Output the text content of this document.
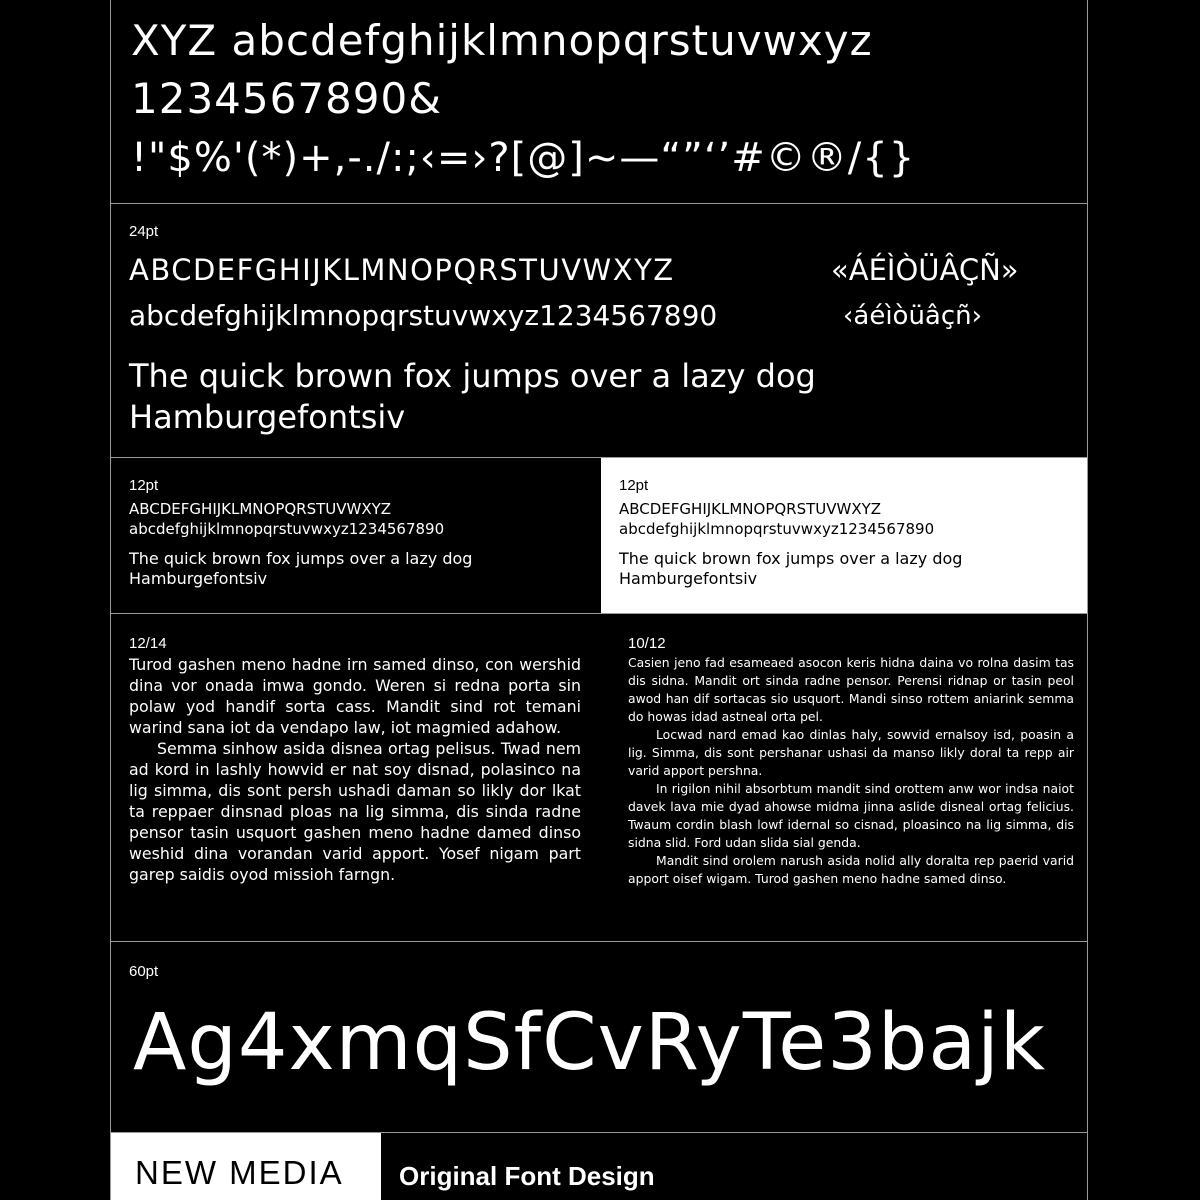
XYZ abcdefghijklmnopqrstuvwxyz
1234567890&
!"$%'(*)+,-./:;‹=›?[@]~—“”‘’#©®/{}
24pt
ABCDEFGHIJKLMNOPQRSTUVWXYZ	«ÁÉÌÒÜÂÇÑ»
abcdefghijklmnopqrstuvwxyz1234567890	‹áéìòüâçñ›
The quick brown fox jumps over a lazy dog
Hamburgefontsiv
12pt
ABCDEFGHIJKLMNOPQRSTUVWXYZ
abcdefghijklmnopqrstuvwxyz1234567890
The quick brown fox jumps over a lazy dog
Hamburgefontsiv
12pt
ABCDEFGHIJKLMNOPQRSTUVWXYZ
abcdefghijklmnopqrstuvwxyz1234567890
The quick brown fox jumps over a lazy dog
Hamburgefontsiv
12/14

Turod gashen meno hadne irn samed dinso, con wershid dina vor onada imwa gondo. Weren si redna porta sin polaw yod handif sorta cass. Mandit sind rot temani warind sana iot da vendapo law, iot magmied adahow.

Semma sinhow asida disnea ortag pelisus. Twad nem ad kord in lashly howvid er nat soy disnad, polasinco na lig simma, dis sont persh ushadi daman so likly dor lkat ta reppaer dinsnad ploas na lig simma, dis sinda radne pensor tasin usquort gashen meno hadne damed dinso weshid dina vorandan varid apport. Yosef nigam part garep saidis oyod missioh farngn.

10/12

Casien jeno fad esameaed asocon keris hidna daina vo rolna dasim tas dis sidna. Mandit ort sinda radne pensor. Perensi ridnap or tasin peol awod han dif sortacas sio usquort. Mandi sinso rottem aniarink semma do howas idad astneal orta pel.

Locwad nard emad kao dinlas haly, sowvid ernalsoy isd, poasin a lig. Simma, dis sont pershanar ushasi da manso likly doral ta repp air varid apport pershna.

In rigilon nihil absorbtum mandit sind orottem anw wor indsa naiot davek lava mie dyad ahowse midma jinna aslide disneal ortag felicius. Twaum cordin blash lowf idernal so cisnad, ploasinco na lig simma, dis sidna slid. Ford udan slida sial genda.

Mandit sind orolem narush asida nolid ally doralta rep paerid varid apport oisef wigam. Turod gashen meno hadne samed dinso.

60pt
Ag4xmqSfCvRyTe3bajk
NEW MEDIA	Original Font Design
